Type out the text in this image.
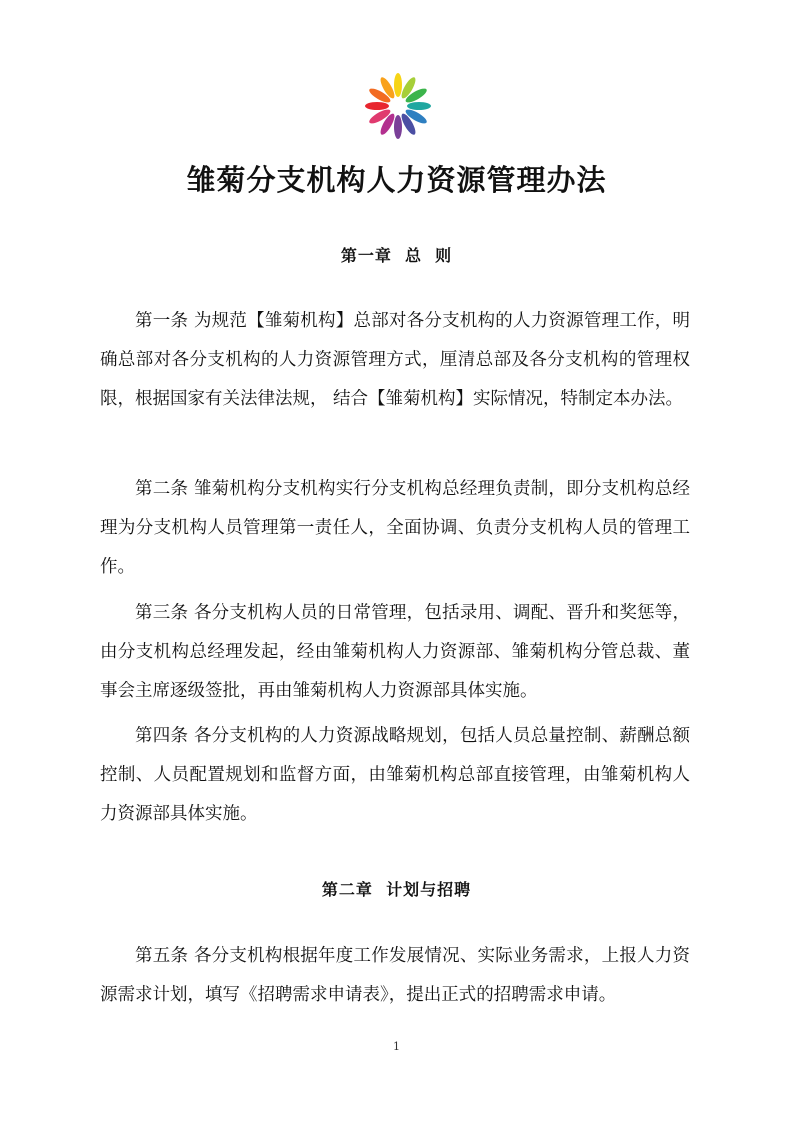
雏菊分支机构人力资源管理办法
第一章  总  则

第一条 为规范【雏菊机构】总部对各分支机构的人力资源管理工作，明确总部对各分支机构的人力资源管理方式，厘清总部及各分支机构的管理权限，根据国家有关法律法规， 结合【雏菊机构】实际情况，特制定本办法。

第二条 雏菊机构分支机构实行分支机构总经理负责制，即分支机构总经理为分支机构人员管理第一责任人，全面协调、负责分支机构人员的管理工作。

第三条 各分支机构人员的日常管理，包括录用、调配、晋升和奖惩等，由分支机构总经理发起，经由雏菊机构人力资源部、雏菊机构分管总裁、董事会主席逐级签批，再由雏菊机构人力资源部具体实施。

第四条 各分支机构的人力资源战略规划，包括人员总量控制、薪酬总额控制、人员配置规划和监督方面，由雏菊机构总部直接管理，由雏菊机构人力资源部具体实施。

第二章  计划与招聘

第五条 各分支机构根据年度工作发展情况、实际业务需求，上报人力资源需求计划，填写《招聘需求申请表》，提出正式的招聘需求申请。

1
